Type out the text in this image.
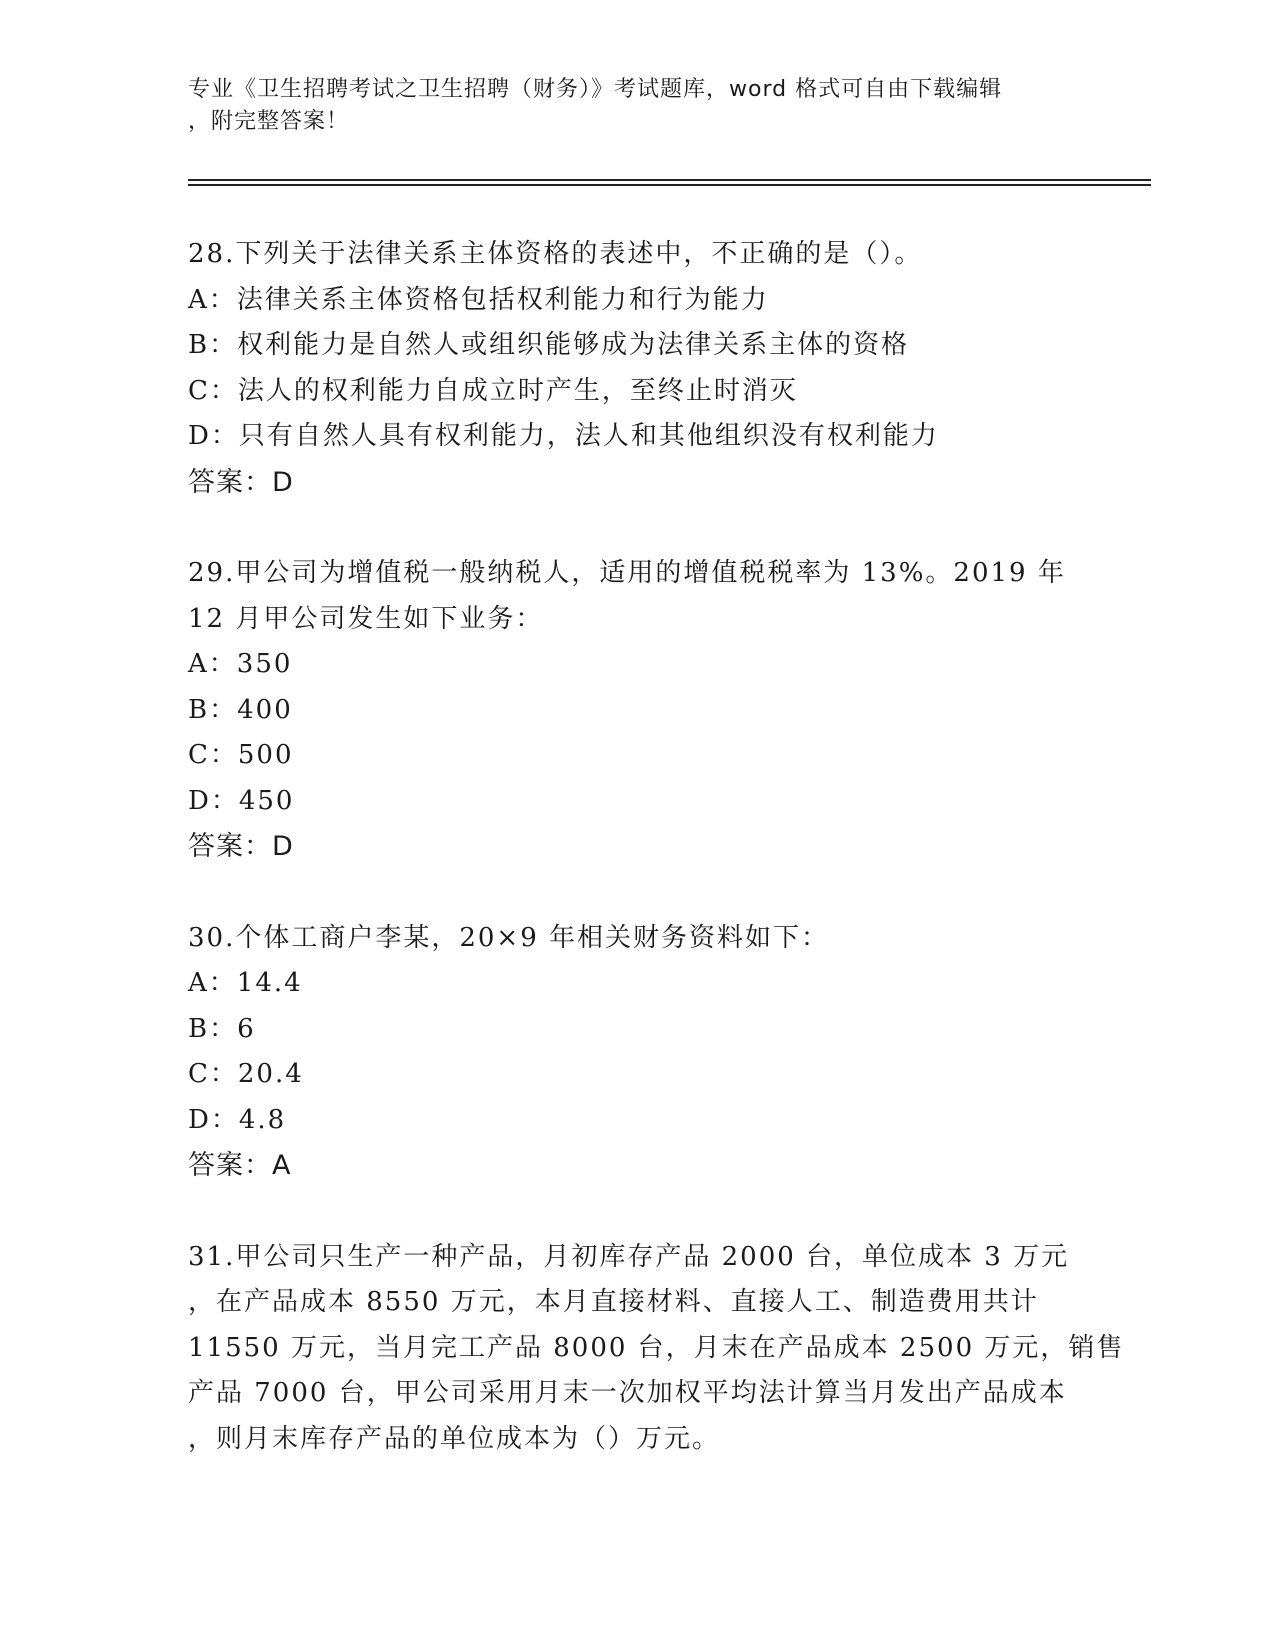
专业《卫生招聘考试之卫生招聘（财务）》考试题库，word 格式可自由下载编辑
，附完整答案！

28.下列关于法律关系主体资格的表述中，不正确的是（）。

A：法律关系主体资格包括权利能力和行为能力

B：权利能力是自然人或组织能够成为法律关系主体的资格

C：法人的权利能力自成立时产生，至终止时消灭

D：只有自然人具有权利能力，法人和其他组织没有权利能力

答案：D

29.甲公司为增值税一般纳税人，适用的增值税税率为 13%。2019 年

12 月甲公司发生如下业务：

A：350

B：400

C：500

D：450

答案：D

30.个体工商户李某，20×9 年相关财务资料如下：

A：14.4

B：6

C：20.4

D：4.8

答案：A

31.甲公司只生产一种产品，月初库存产品 2000 台，单位成本 3 万元

，在产品成本 8550 万元，本月直接材料、直接人工、制造费用共计

11550 万元，当月完工产品 8000 台，月末在产品成本 2500 万元，销售

产品 7000 台，甲公司采用月末一次加权平均法计算当月发出产品成本

，则月末库存产品的单位成本为（）万元。
